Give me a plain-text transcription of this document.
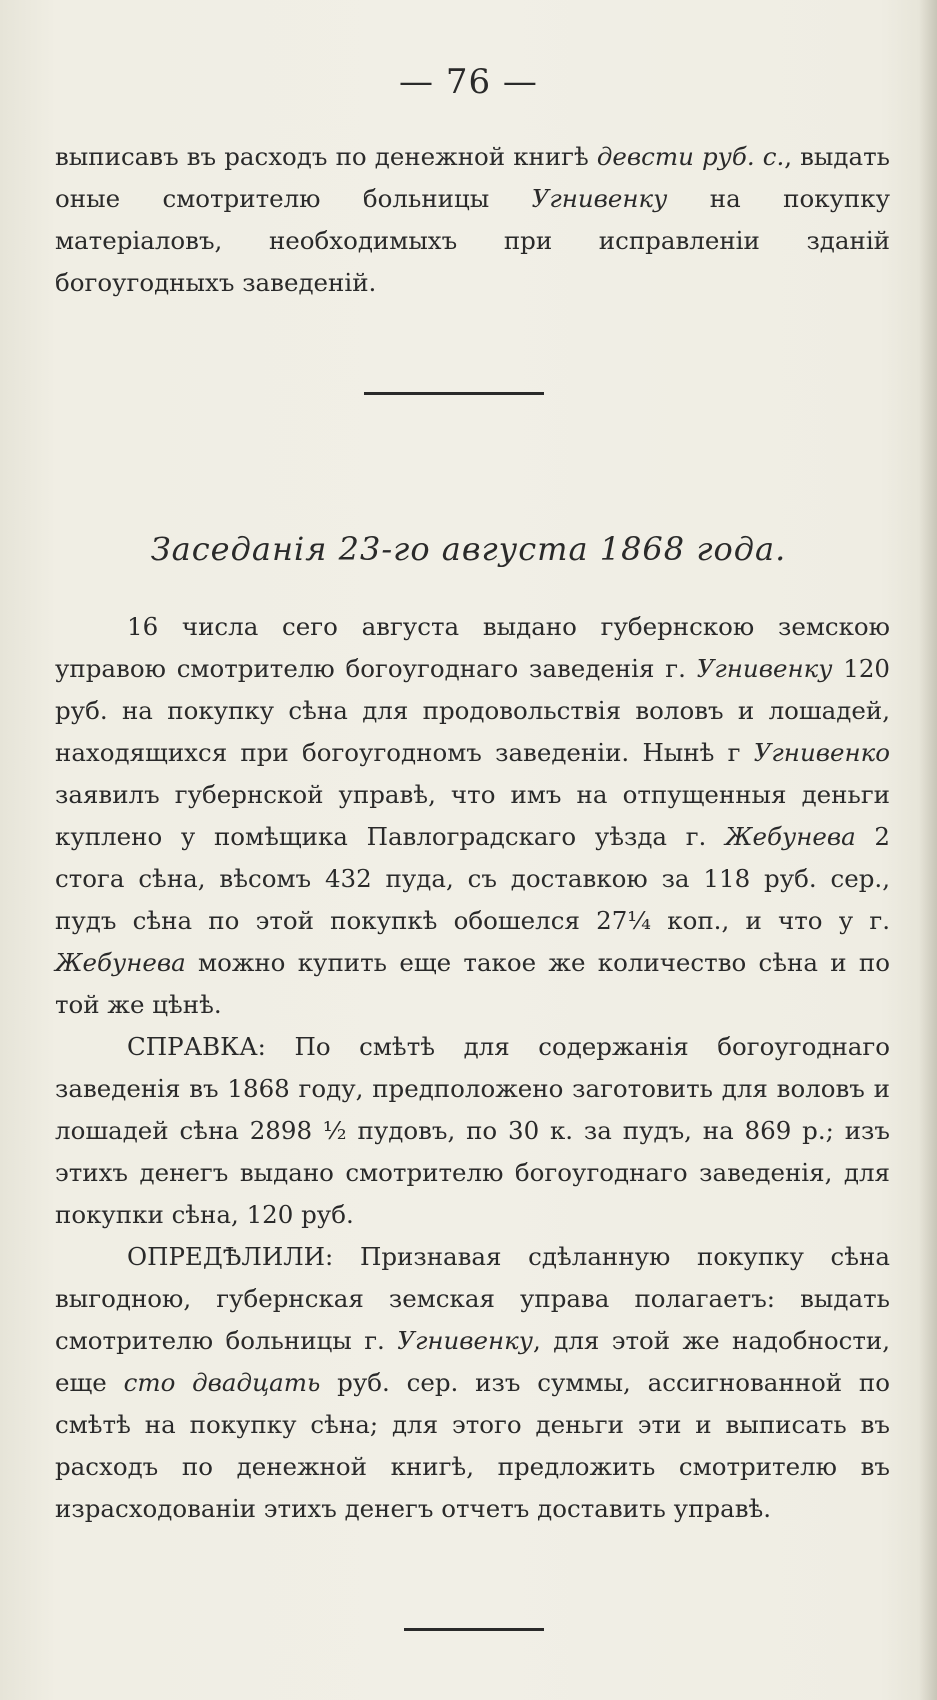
— 76 —

выписавъ въ расходъ по денежной книгѣ девсти руб. с., выдать оные смотрителю больницы Угнивенку на покупку матеріаловъ, необходимыхъ при исправленіи зданій богоугодныхъ заведеній.

Заседанія 23-го августа 1868 года.

16 числа сего августа выдано губернскою земскою управою смотрителю богоугоднаго заведенія г. Угнивенку 120 руб. на покупку сѣна для продовольствія воловъ и лошадей, находящихся при богоугодномъ заведеніи. Нынѣ г Угнивенко заявилъ губернской управѣ, что имъ на отпущенныя деньги куплено у помѣщика Павлоградскаго уѣзда г. Жебунева 2 стога сѣна, вѣсомъ 432 пуда, съ доставкою за 118 руб. сер., пудъ сѣна по этой покупкѣ обошелся 27¼ коп., и что у г. Жебунева можно купить еще такое же количество сѣна и по той же цѣнѣ.

СПРАВКА: По смѣтѣ для содержанія богоугоднаго заведенія въ 1868 году, предположено заготовить для воловъ и лошадей сѣна 2898 ½ пудовъ, по 30 к. за пудъ, на 869 р.; изъ этихъ денегъ выдано смотрителю богоугоднаго заведенія, для покупки сѣна, 120 руб.

ОПРЕДѢЛИЛИ: Признавая сдѣланную покупку сѣна выгодною, губернская земская управа полагаетъ: выдать смотрителю больницы г. Угнивенку, для этой же надобности, еще сто двадцать руб. сер. изъ суммы, ассигнованной по смѣтѣ на покупку сѣна; для этого деньги эти и выписать въ расходъ по денежной книгѣ, предложить смотрителю въ израсходованіи этихъ денегъ отчетъ доставить управѣ.
